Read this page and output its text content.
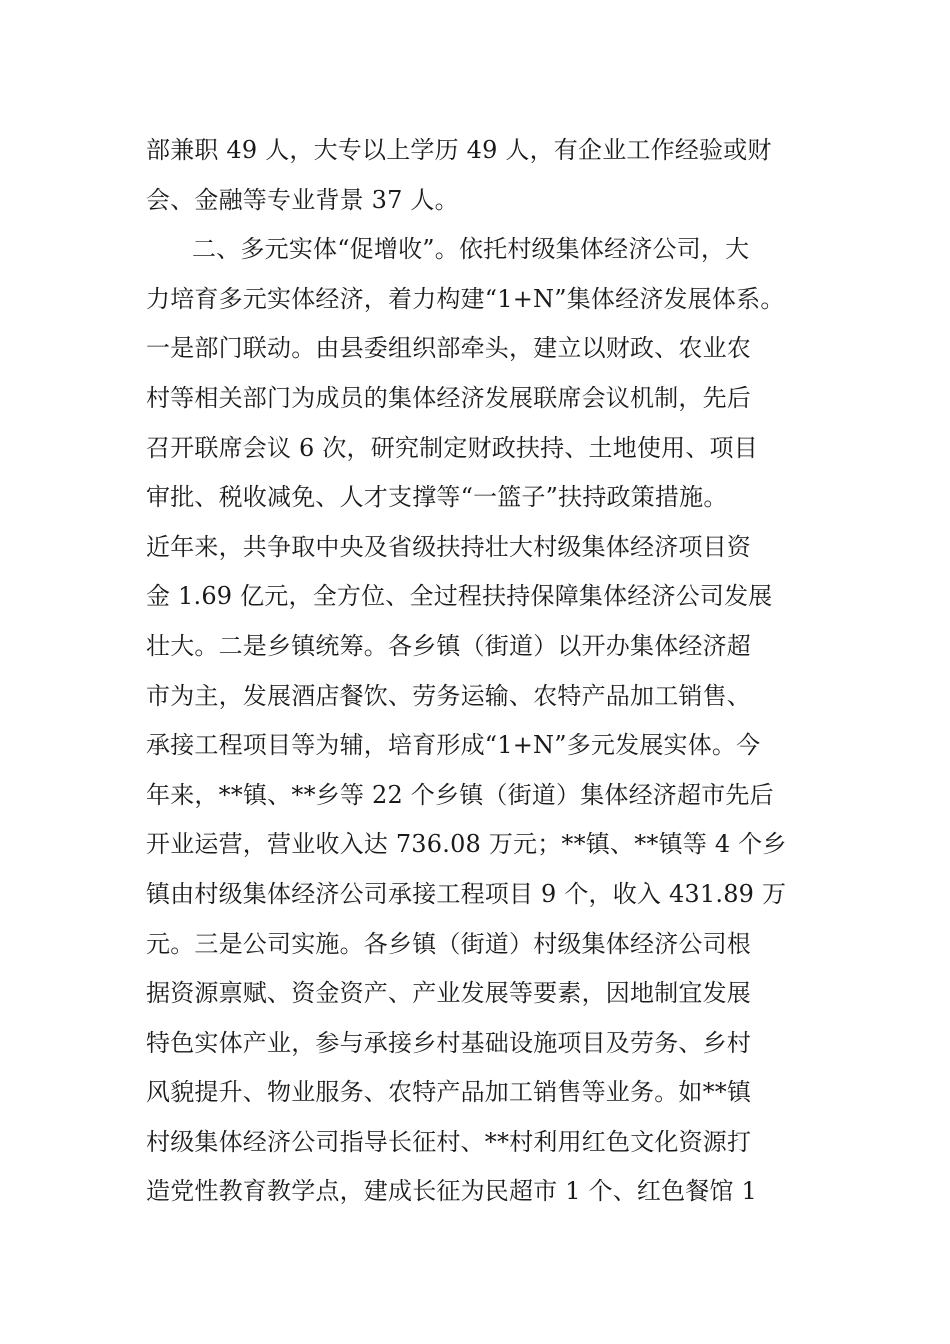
部兼职 49 人，大专以上学历 49 人，有企业工作经验或财
会、金融等专业背景 37 人。
二、多元实体“促增收”。依托村级集体经济公司，大
力培育多元实体经济，着力构建“1+N”集体经济发展体系。
一是部门联动。由县委组织部牵头，建立以财政、农业农
村等相关部门为成员的集体经济发展联席会议机制，先后
召开联席会议 6 次，研究制定财政扶持、土地使用、项目
审批、税收减免、人才支撑等“一篮子”扶持政策措施。
近年来，共争取中央及省级扶持壮大村级集体经济项目资
金 1.69 亿元，全方位、全过程扶持保障集体经济公司发展
壮大。二是乡镇统筹。各乡镇（街道）以开办集体经济超
市为主，发展酒店餐饮、劳务运输、农特产品加工销售、
承接工程项目等为辅，培育形成“1+N”多元发展实体。今
年来，**镇、**乡等 22 个乡镇（街道）集体经济超市先后
开业运营，营业收入达 736.08 万元；**镇、**镇等 4 个乡
镇由村级集体经济公司承接工程项目 9 个，收入 431.89 万
元。三是公司实施。各乡镇（街道）村级集体经济公司根
据资源禀赋、资金资产、产业发展等要素，因地制宜发展
特色实体产业，参与承接乡村基础设施项目及劳务、乡村
风貌提升、物业服务、农特产品加工销售等业务。如**镇
村级集体经济公司指导长征村、**村利用红色文化资源打
造党性教育教学点，建成长征为民超市 1 个、红色餐馆 1
